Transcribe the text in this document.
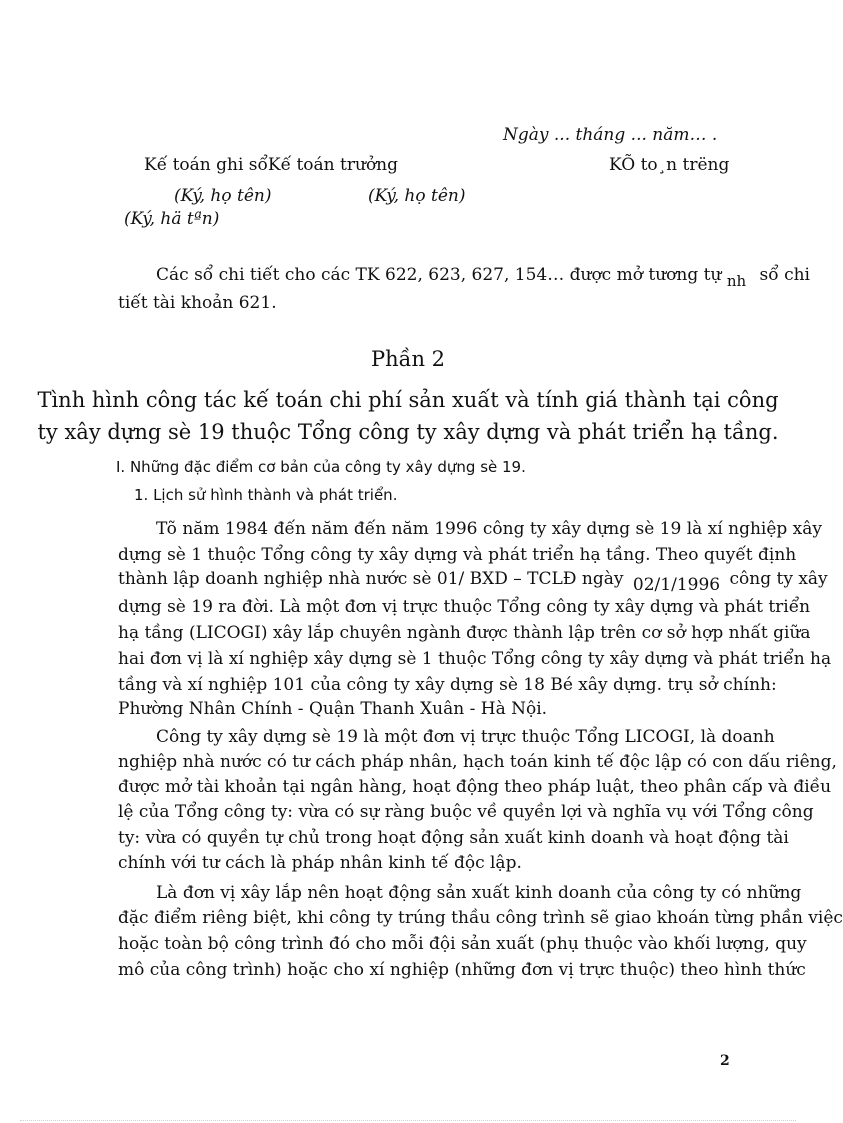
Ngày ... tháng ... năm… .
Kế toán ghi sổKế toán trưởng	KÕ to¸n trëng
(Ký, họ tên)	(Ký, họ tên)
(Ký, hä tªn)
Các sổ chi tiết cho các TK 622, 623, 627, 154… được mở tương tự nh sổ chi
tiết tài khoản 621.
Phần 2
Tình hình công tác kế toán chi phí sản xuất và tính giá thành tại công
ty xây dựng sè 19 thuộc Tổng công ty xây dựng và phát triển hạ tầng.
I. Những đặc điểm cơ bản của công ty xây dựng sè 19.
1. Lịch sử hình thành và phát triển.
Tõ năm 1984 đến năm đến năm 1996 công ty xây dựng sè 19 là xí nghiệp xây
dựng sè 1 thuộc Tổng công ty xây dựng và phát triển hạ tầng. Theo quyết định
thành lập doanh nghiệp nhà nước sè 01/ BXD – TCLĐ ngày 02/1/1996 công ty xây
dựng sè 19 ra đời. Là một đơn vị trực thuộc Tổng công ty xây dựng và phát triển
hạ tầng (LICOGI) xây lắp chuyên ngành được thành lập trên cơ sở hợp nhất giữa
hai đơn vị là xí nghiệp xây dựng sè 1 thuộc Tổng công ty xây dựng và phát triển hạ
tầng và xí nghiệp 101 của công ty xây dựng sè 18 Bé xây dựng. trụ sở chính:
Phường Nhân Chính - Quận Thanh Xuân - Hà Nội.
Công ty xây dựng sè 19 là một đơn vị trực thuộc Tổng LICOGI, là doanh
nghiệp nhà nước có tư cách pháp nhân, hạch toán kinh tế độc lập có con dấu riêng,
được mở tài khoản tại ngân hàng, hoạt động theo pháp luật, theo phân cấp và điều
lệ của Tổng công ty: vừa có sự ràng buộc về quyền lợi và nghĩa vụ với Tổng công
ty: vừa có quyền tự chủ trong hoạt động sản xuất kinh doanh và hoạt động tài
chính với tư cách là pháp nhân kinh tế độc lập.
Là đơn vị xây lắp nên hoạt động sản xuất kinh doanh của công ty có những
đặc điểm riêng biệt, khi công ty trúng thầu công trình sẽ giao khoán từng phần việc
hoặc toàn bộ công trình đó cho mỗi đội sản xuất (phụ thuộc vào khối lượng, quy
mô của công trình) hoặc cho xí nghiệp (những đơn vị trực thuộc) theo hình thức
2
